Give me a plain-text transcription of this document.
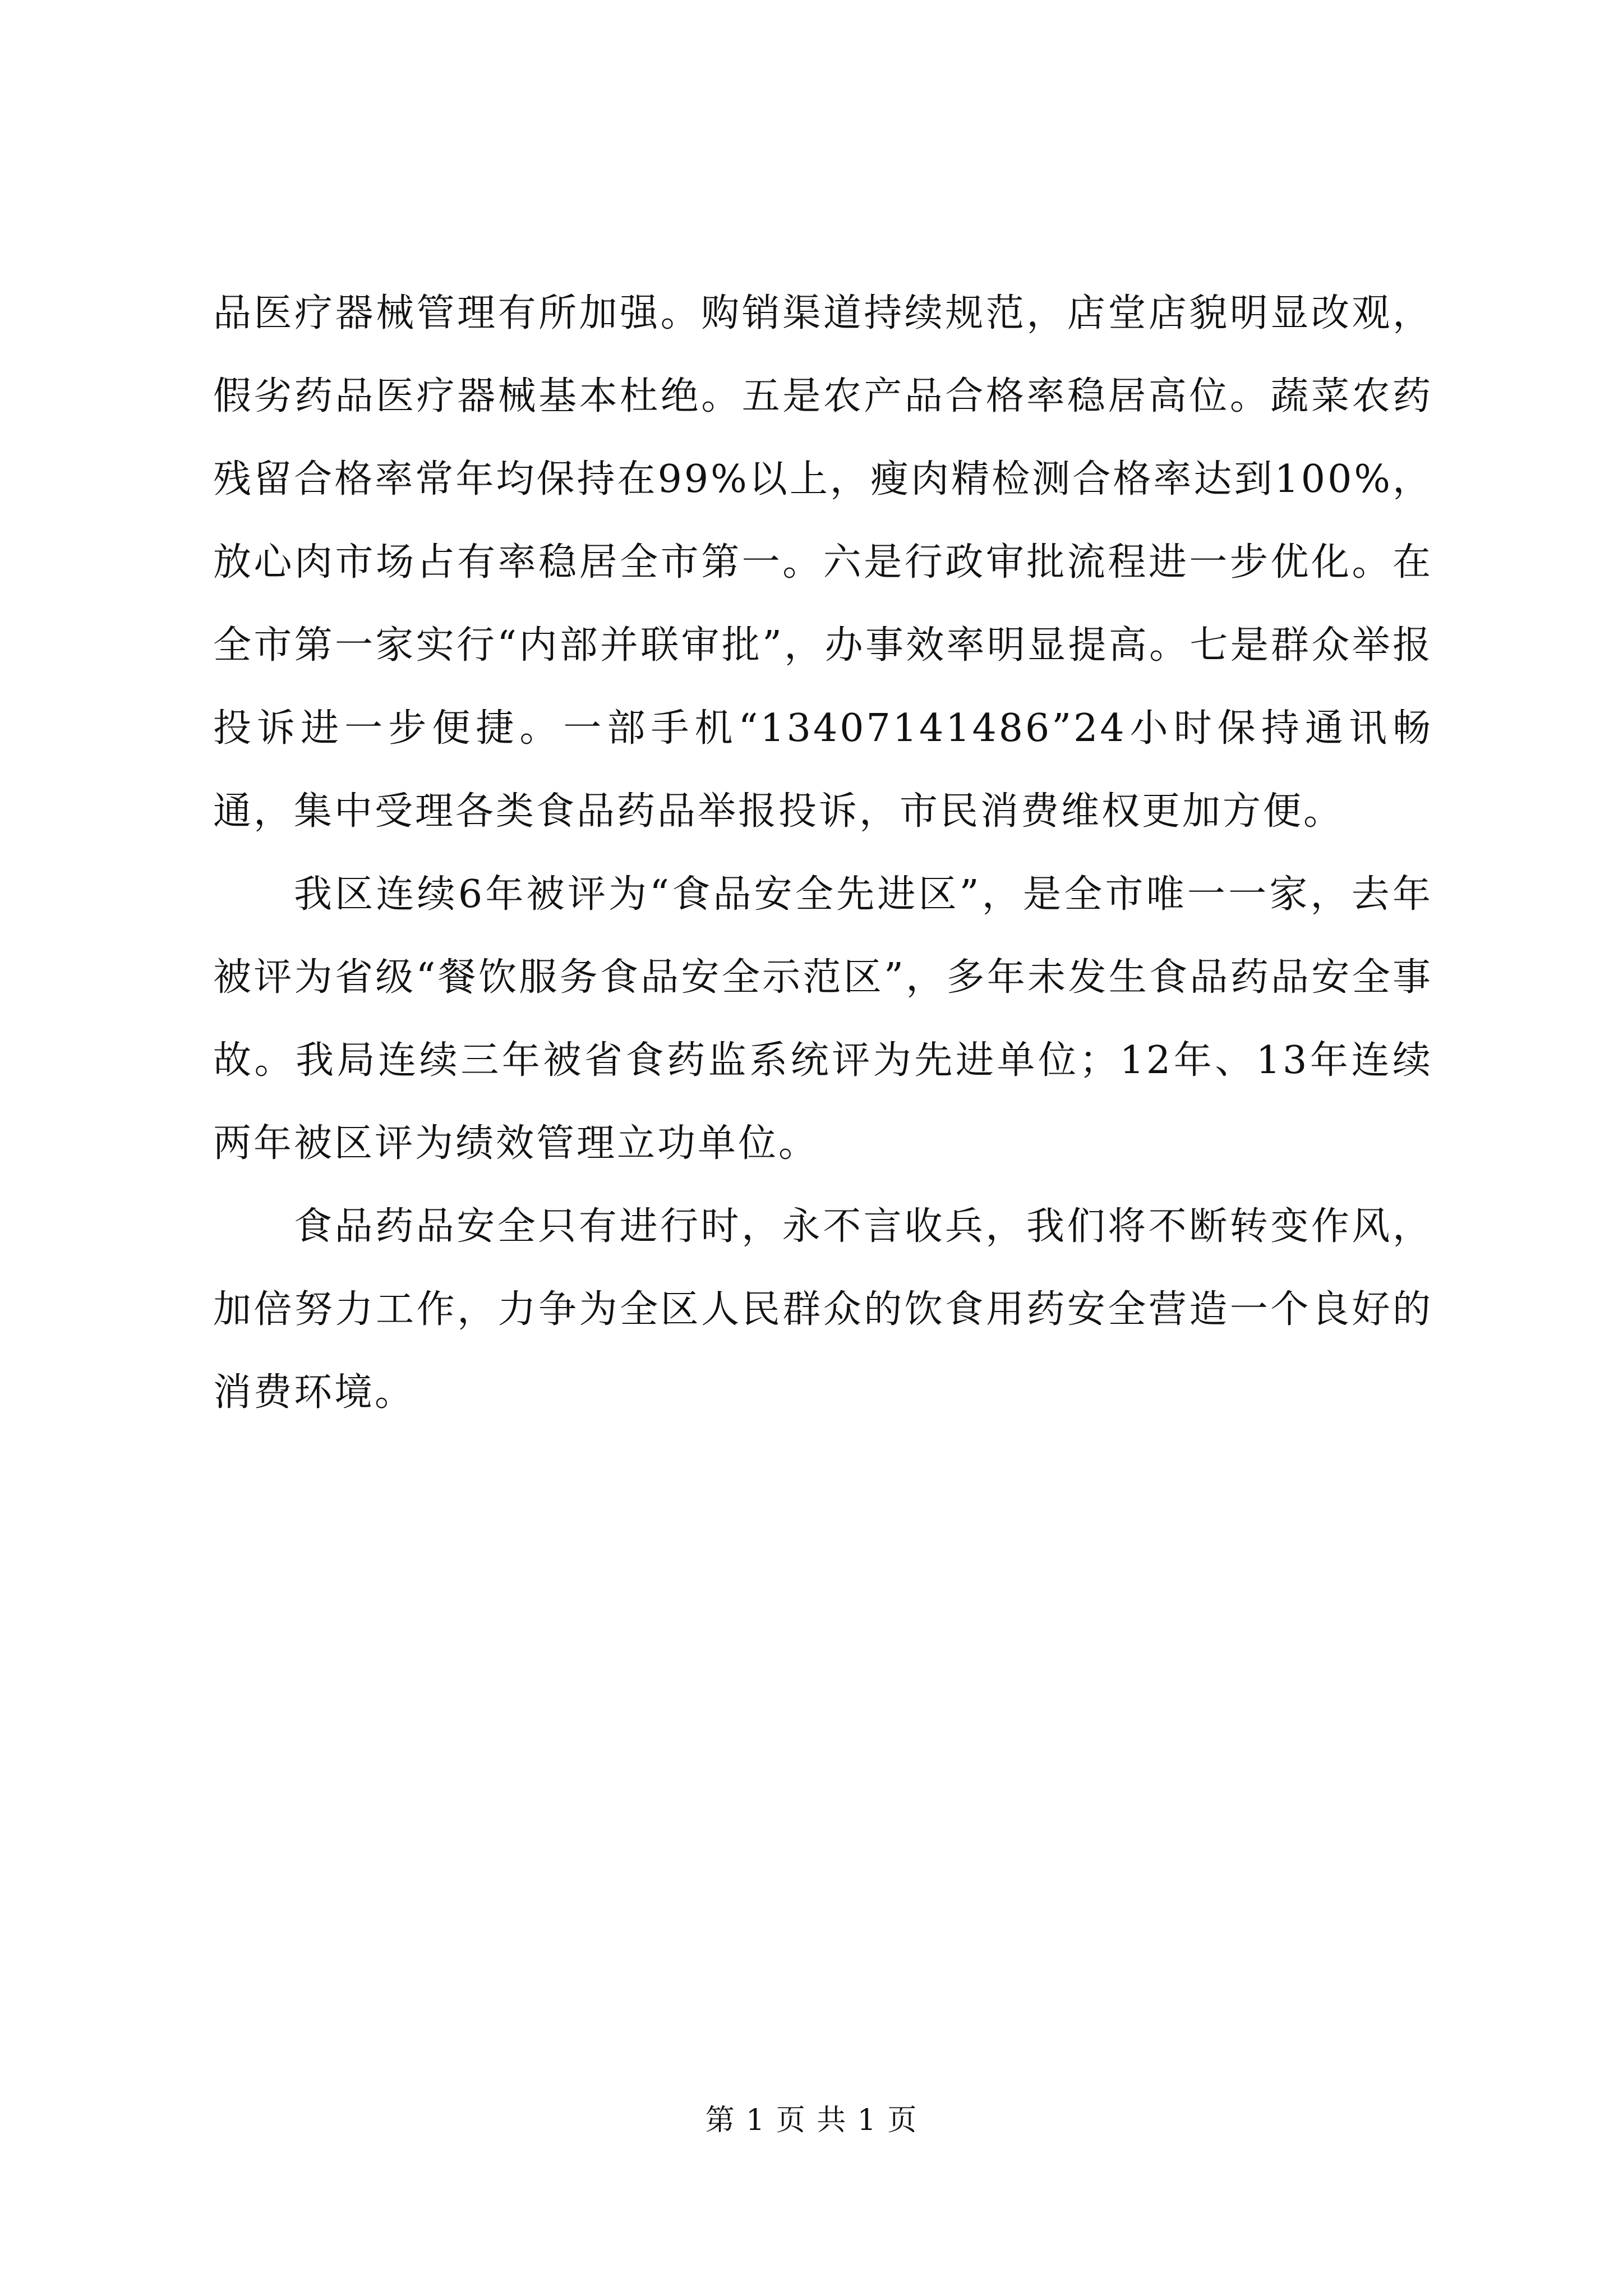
品医疗器械管理有所加强。购销渠道持续规范，店堂店貌明显改观，假劣药品医疗器械基本杜绝。五是农产品合格率稳居高位。蔬菜农药残留合格率常年均保持在99%以上，瘦肉精检测合格率达到100%，放心肉市场占有率稳居全市第一。六是行政审批流程进一步优化。在全市第一家实行“内部并联审批”，办事效率明显提高。七是群众举报投诉进一步便捷。一部手机“13407141486”24小时保持通讯畅通，集中受理各类食品药品举报投诉，市民消费维权更加方便。

我区连续6年被评为“食品安全先进区”，是全市唯一一家，去年被评为省级“餐饮服务食品安全示范区”，多年未发生食品药品安全事故。我局连续三年被省食药监系统评为先进单位；12年、13年连续两年被区评为绩效管理立功单位。

食品药品安全只有进行时，永不言收兵，我们将不断转变作风，加倍努力工作，力争为全区人民群众的饮食用药安全营造一个良好的消费环境。

第 1 页 共 1 页
